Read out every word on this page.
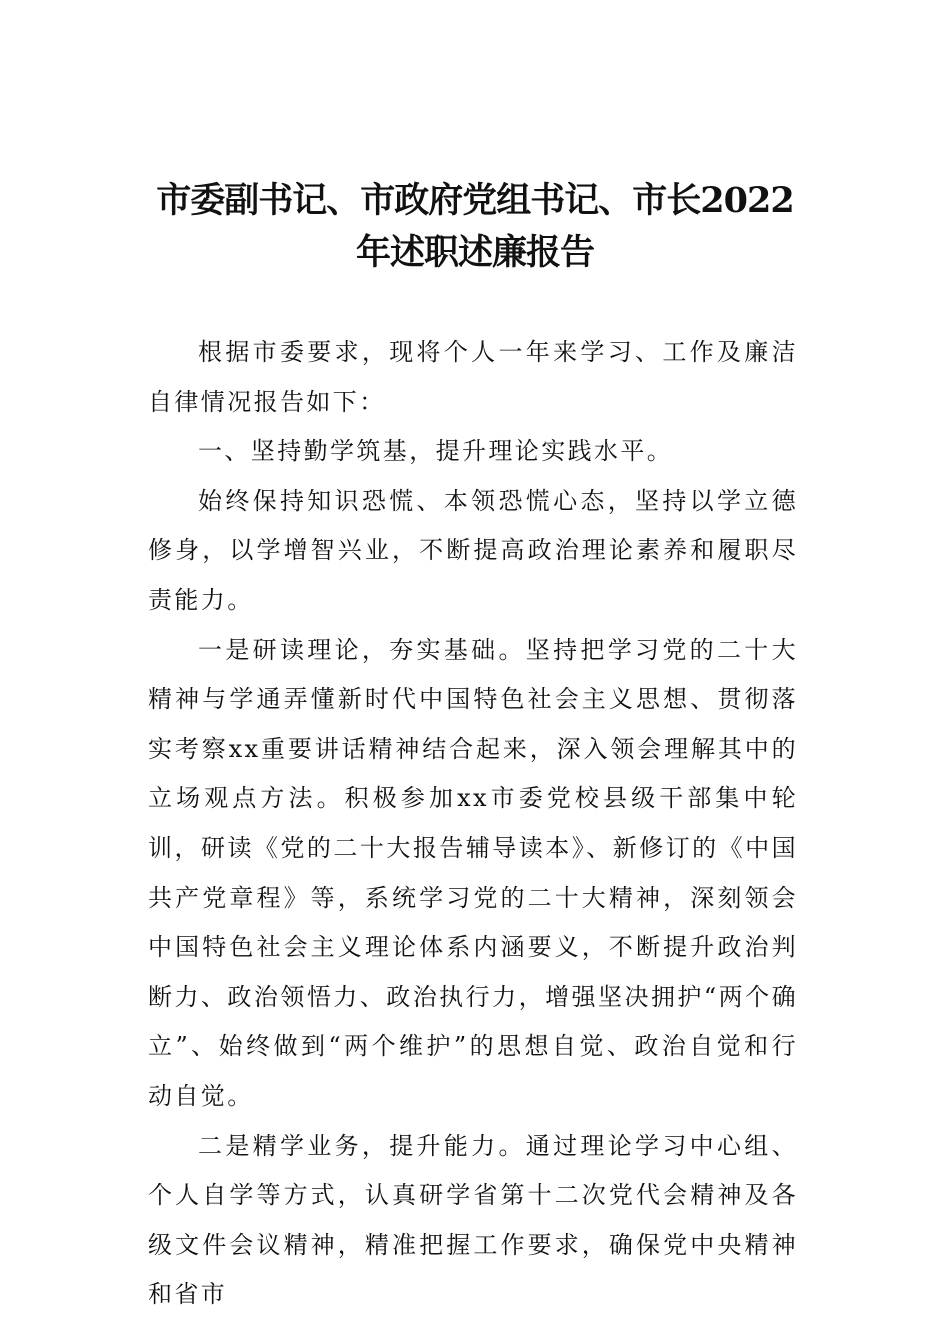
市委副书记、市政府党组书记、市长2022年述职述廉报告

根据市委要求，现将个人一年来学习、工作及廉洁自律情况报告如下：

一、坚持勤学筑基，提升理论实践水平。

始终保持知识恐慌、本领恐慌心态，坚持以学立德修身，以学增智兴业，不断提高政治理论素养和履职尽责能力。

一是研读理论，夯实基础。坚持把学习党的二十大精神与学通弄懂新时代中国特色社会主义思想、贯彻落实考察xx重要讲话精神结合起来，深入领会理解其中的立场观点方法。积极参加xx市委党校县级干部集中轮训，研读《党的二十大报告辅导读本》、新修订的《中国共产党章程》等，系统学习党的二十大精神，深刻领会中国特色社会主义理论体系内涵要义，不断提升政治判断力、政治领悟力、政治执行力，增强坚决拥护“两个确立”、始终做到“两个维护”的思想自觉、政治自觉和行动自觉。

二是精学业务，提升能力。通过理论学习中心组、个人自学等方式，认真研学省第十二次党代会精神及各级文件会议精神，精准把握工作要求，确保党中央精神和省市
